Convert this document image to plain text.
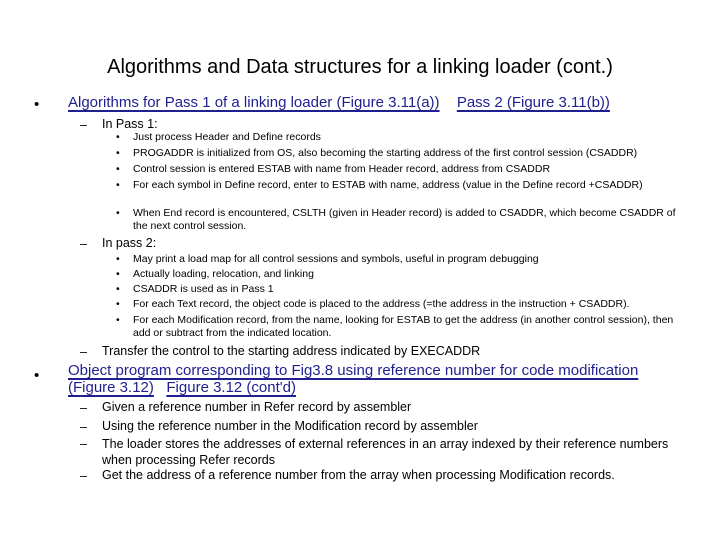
Algorithms and Data structures for a linking loader (cont.)
• Algorithms for Pass 1 of a linking loader (Figure 3.11(a)) Pass 2 (Figure 3.11(b))
– In Pass 1:
• Just process Header and Define records
• PROGADDR is initialized from OS, also becoming the starting address of the first control session (CSADDR)
• Control session is entered ESTAB with name from Header record, address from CSADDR
• For each symbol in Define record, enter to ESTAB with name, address (value in the Define record +CSADDR)
• When End record is encountered, CSLTH (given in Header record) is added to CSADDR, which become CSADDR of the next control session.
– In pass 2:
• May print a load map for all control sessions and symbols, useful in program debugging
• Actually loading, relocation, and linking
• CSADDR is used as in Pass 1
• For each Text record, the object code is placed to the address (=the address in the instruction + CSADDR).
• For each Modification record, from the name, looking for ESTAB to get the address (in another control session), then add or subtract from the indicated location.
– Transfer the control to the starting address indicated by EXECADDR
• Object program corresponding to Fig3.8 using reference number for code modification (Figure 3.12) Figure 3.12 (cont'd)
– Given a reference number in Refer record by assembler
– Using the reference number in the Modification record by assembler
– The loader stores the addresses of external references in an array indexed by their reference numbers when processing Refer records
– Get the address of a reference number from the array when processing Modification records.
